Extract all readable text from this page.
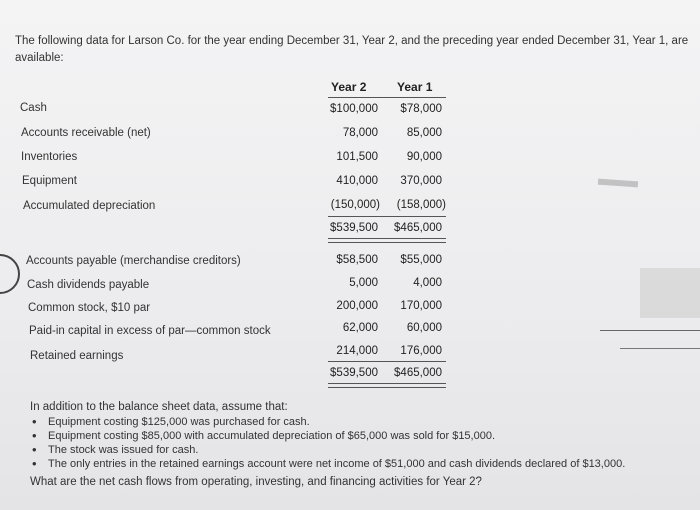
The following data for Larson Co. for the year ending December 31, Year 2, and the preceding year ended December 31, Year 1, are available:
Year 2	Year 1
Cash	$100,000	$78,000
Accounts receivable (net)	78,000	85,000
Inventories	101,500	90,000
Equipment	410,000	370,000
Accumulated depreciation	(150,000)	(158,000)
$539,500	$465,000
Accounts payable (merchandise creditors)	$58,500	$55,000
Cash dividends payable	5,000	4,000
Common stock, $10 par	200,000	170,000
Paid-in capital in excess of par—common stock	62,000	60,000
Retained earnings	214,000	176,000
$539,500	$465,000
In addition to the balance sheet data, assume that:
• Equipment costing $125,000 was purchased for cash.
• Equipment costing $85,000 with accumulated depreciation of $65,000 was sold for $15,000.
• The stock was issued for cash.
• The only entries in the retained earnings account were net income of $51,000 and cash dividends declared of $13,000.
What are the net cash flows from operating, investing, and financing activities for Year 2?
